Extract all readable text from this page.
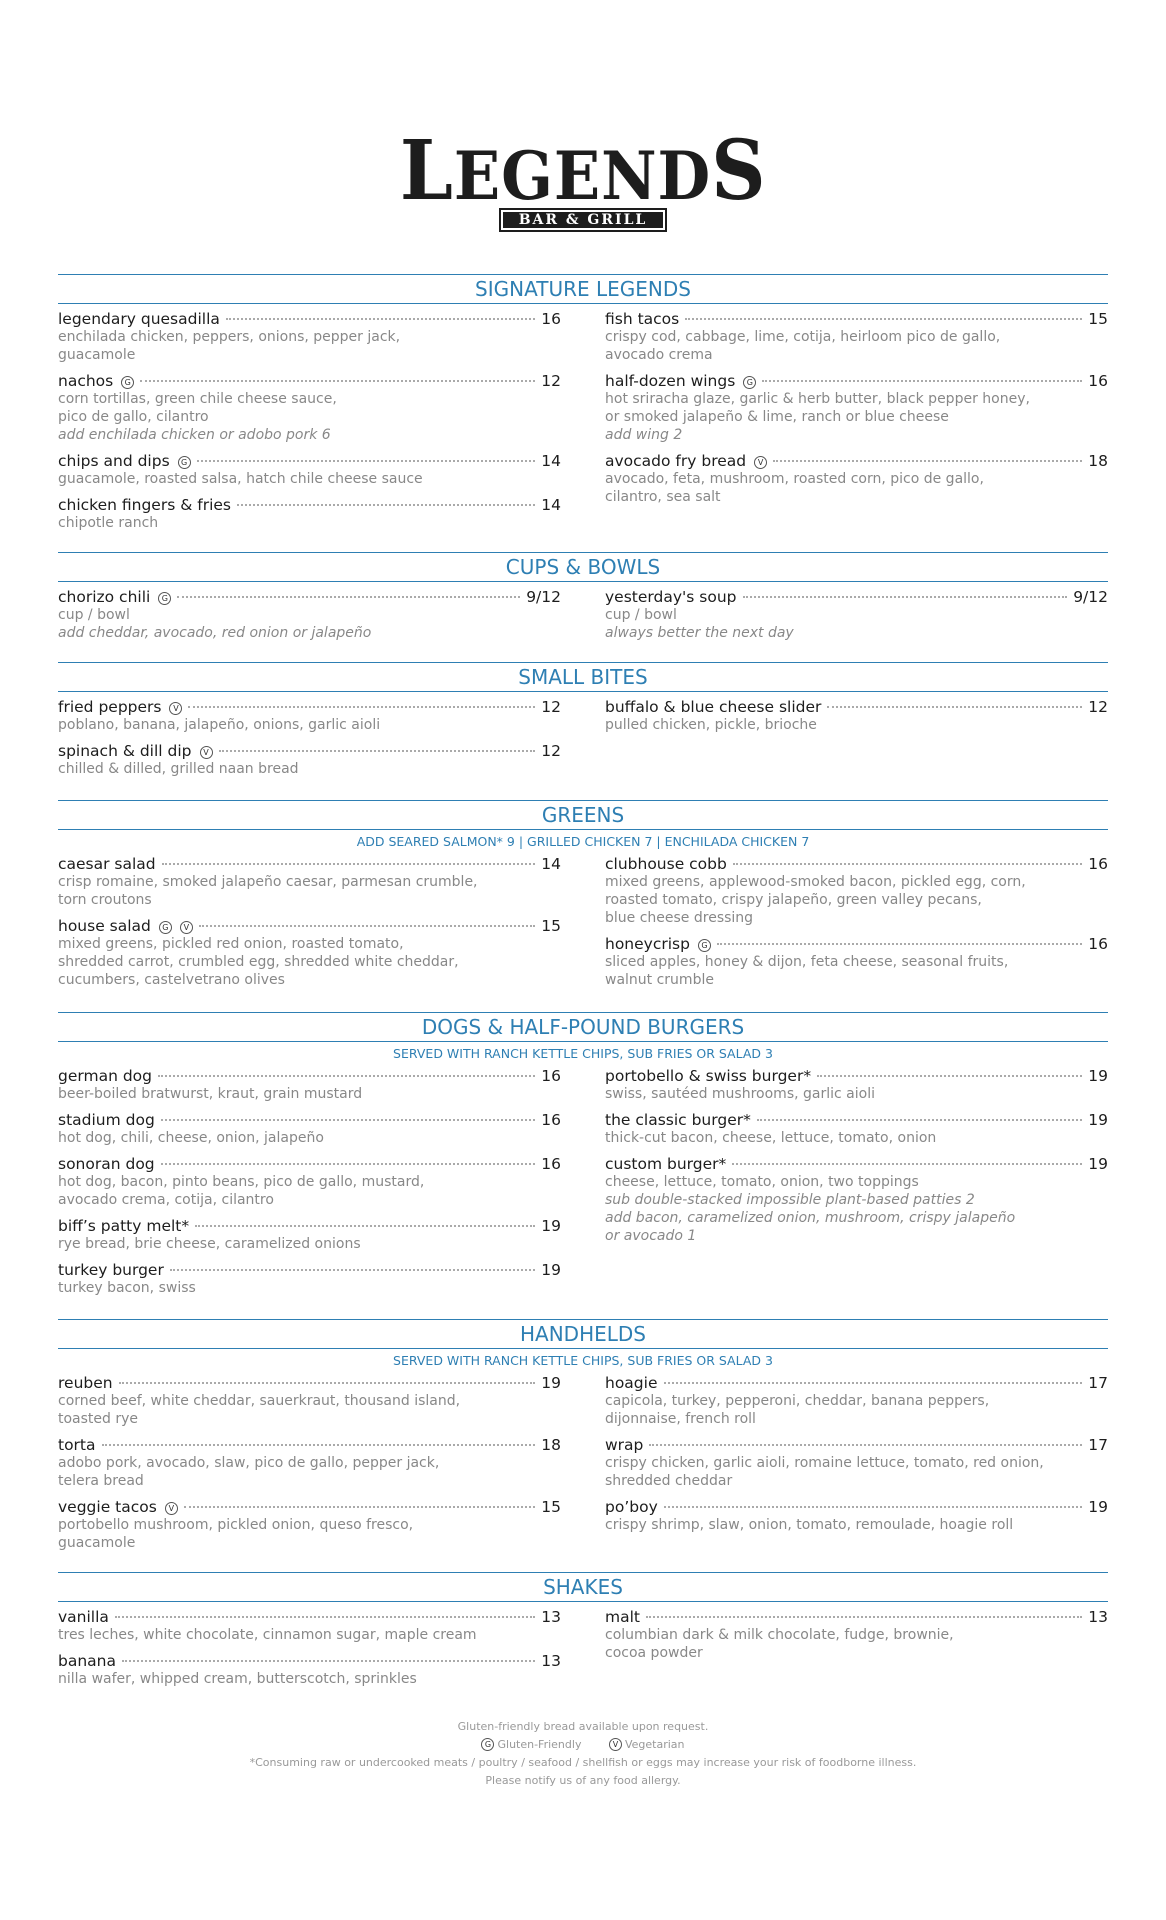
LEGENDS
BAR & GRILL
SIGNATURE LEGENDS
legendary quesadilla	16
enchilada chicken, peppers, onions, pepper jack,
guacamole
nachos	G	12
corn tortillas, green chile cheese sauce,
pico de gallo, cilantro
add enchilada chicken or adobo pork 6
chips and dips	G	14
guacamole, roasted salsa, hatch chile cheese sauce
chicken fingers & fries	14
chipotle ranch
fish tacos	15
crispy cod, cabbage, lime, cotija, heirloom pico de gallo,
avocado crema
half-dozen wings	G	16
hot sriracha glaze, garlic & herb butter, black pepper honey,
or smoked jalapeño & lime, ranch or blue cheese
add wing 2
avocado fry bread	V	18
avocado, feta, mushroom, roasted corn, pico de gallo,
cilantro, sea salt
CUPS & BOWLS
chorizo chili	G	9/12
cup / bowl
add cheddar, avocado, red onion or jalapeño
yesterday's soup	9/12
cup / bowl
always better the next day
SMALL BITES
fried peppers	V	12
poblano, banana, jalapeño, onions, garlic aioli
spinach & dill dip	V	12
chilled & dilled, grilled naan bread
buffalo & blue cheese slider	12
pulled chicken, pickle, brioche
GREENS
ADD SEARED SALMON* 9 | GRILLED CHICKEN 7 | ENCHILADA CHICKEN 7
caesar salad	14
crisp romaine, smoked jalapeño caesar, parmesan crumble,
torn croutons
house salad	G	V	15
mixed greens, pickled red onion, roasted tomato,
shredded carrot, crumbled egg, shredded white cheddar,
cucumbers, castelvetrano olives
clubhouse cobb	16
mixed greens, applewood-smoked bacon, pickled egg, corn,
roasted tomato, crispy jalapeño, green valley pecans,
blue cheese dressing
honeycrisp	G	16
sliced apples, honey & dijon, feta cheese, seasonal fruits,
walnut crumble
DOGS & HALF-POUND BURGERS
SERVED WITH RANCH KETTLE CHIPS, SUB FRIES OR SALAD 3
german dog	16
beer-boiled bratwurst, kraut, grain mustard
stadium dog	16
hot dog, chili, cheese, onion, jalapeño
sonoran dog	16
hot dog, bacon, pinto beans, pico de gallo, mustard,
avocado crema, cotija, cilantro
biff’s patty melt*	19
rye bread, brie cheese, caramelized onions
turkey burger	19
turkey bacon, swiss
portobello & swiss burger*	19
swiss, sautéed mushrooms, garlic aioli
the classic burger*	19
thick-cut bacon, cheese, lettuce, tomato, onion
custom burger*	19
cheese, lettuce, tomato, onion, two toppings
sub double-stacked impossible plant-based patties 2
add bacon, caramelized onion, mushroom, crispy jalapeño
or avocado 1
HANDHELDS
SERVED WITH RANCH KETTLE CHIPS, SUB FRIES OR SALAD 3
reuben	19
corned beef, white cheddar, sauerkraut, thousand island,
toasted rye
torta	18
adobo pork, avocado, slaw, pico de gallo, pepper jack,
telera bread
veggie tacos	V	15
portobello mushroom, pickled onion, queso fresco,
guacamole
hoagie	17
capicola, turkey, pepperoni, cheddar, banana peppers,
dijonnaise, french roll
wrap	17
crispy chicken, garlic aioli, romaine lettuce, tomato, red onion,
shredded cheddar
po’boy	19
crispy shrimp, slaw, onion, tomato, remoulade, hoagie roll
SHAKES
vanilla	13
tres leches, white chocolate, cinnamon sugar, maple cream
banana	13
nilla wafer, whipped cream, butterscotch, sprinkles
malt	13
columbian dark & milk chocolate, fudge, brownie,
cocoa powder
Gluten-friendly bread available upon request.
G Gluten-Friendly	V Vegetarian
*Consuming raw or undercooked meats / poultry / seafood / shellfish or eggs may increase your risk of foodborne illness.
Please notify us of any food allergy.
